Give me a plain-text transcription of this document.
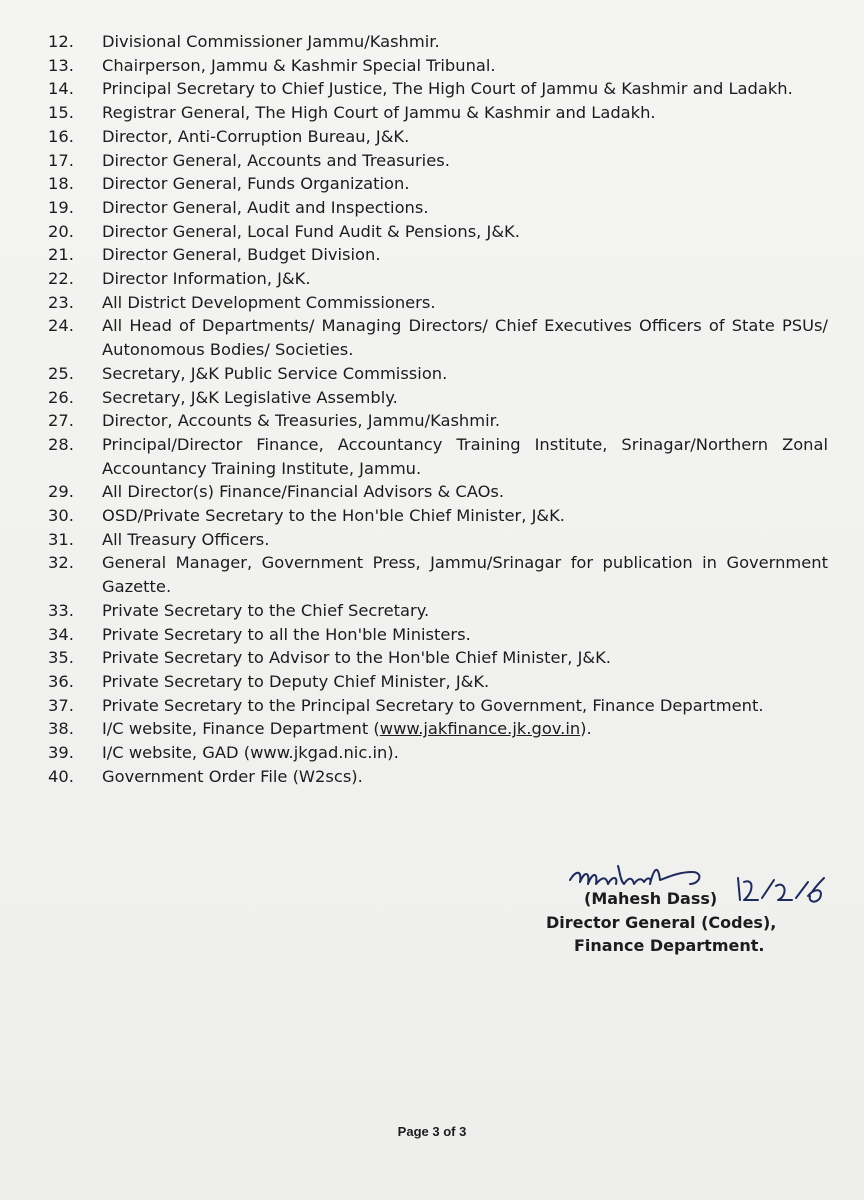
12.	Divisional Commissioner Jammu/Kashmir.
13.	Chairperson, Jammu & Kashmir Special Tribunal.
14.	Principal Secretary to Chief Justice, The High Court of Jammu & Kashmir and Ladakh.
15.	Registrar General, The High Court of Jammu & Kashmir and Ladakh.
16.	Director, Anti-Corruption Bureau, J&K.
17.	Director General, Accounts and Treasuries.
18.	Director General, Funds Organization.
19.	Director General, Audit and Inspections.
20.	Director General, Local Fund Audit & Pensions, J&K.
21.	Director General, Budget Division.
22.	Director Information, J&K.
23.	All District Development Commissioners.
24.	All Head of Departments/ Managing Directors/ Chief Executives Officers of State PSUs/ Autonomous Bodies/ Societies.
25.	Secretary, J&K Public Service Commission.
26.	Secretary, J&K Legislative Assembly.
27.	Director, Accounts & Treasuries, Jammu/Kashmir.
28.	Principal/Director Finance, Accountancy Training Institute, Srinagar/Northern Zonal Accountancy Training Institute, Jammu.
29.	All Director(s) Finance/Financial Advisors & CAOs.
30.	OSD/Private Secretary to the Hon'ble Chief Minister, J&K.
31.	All Treasury Officers.
32.	General Manager, Government Press, Jammu/Srinagar for publication in Government Gazette.
33.	Private Secretary to the Chief Secretary.
34.	Private Secretary to all the Hon'ble Ministers.
35.	Private Secretary to Advisor to the Hon'ble Chief Minister, J&K.
36.	Private Secretary to Deputy Chief Minister, J&K.
37.	Private Secretary to the Principal Secretary to Government, Finance Department.
38.	I/C website, Finance Department (www.jakfinance.jk.gov.in).
39.	I/C website, GAD (www.jkgad.nic.in).
40.	Government Order File (W2scs).
(Mahesh Dass)
Director General (Codes),
Finance Department.
Page 3 of 3
